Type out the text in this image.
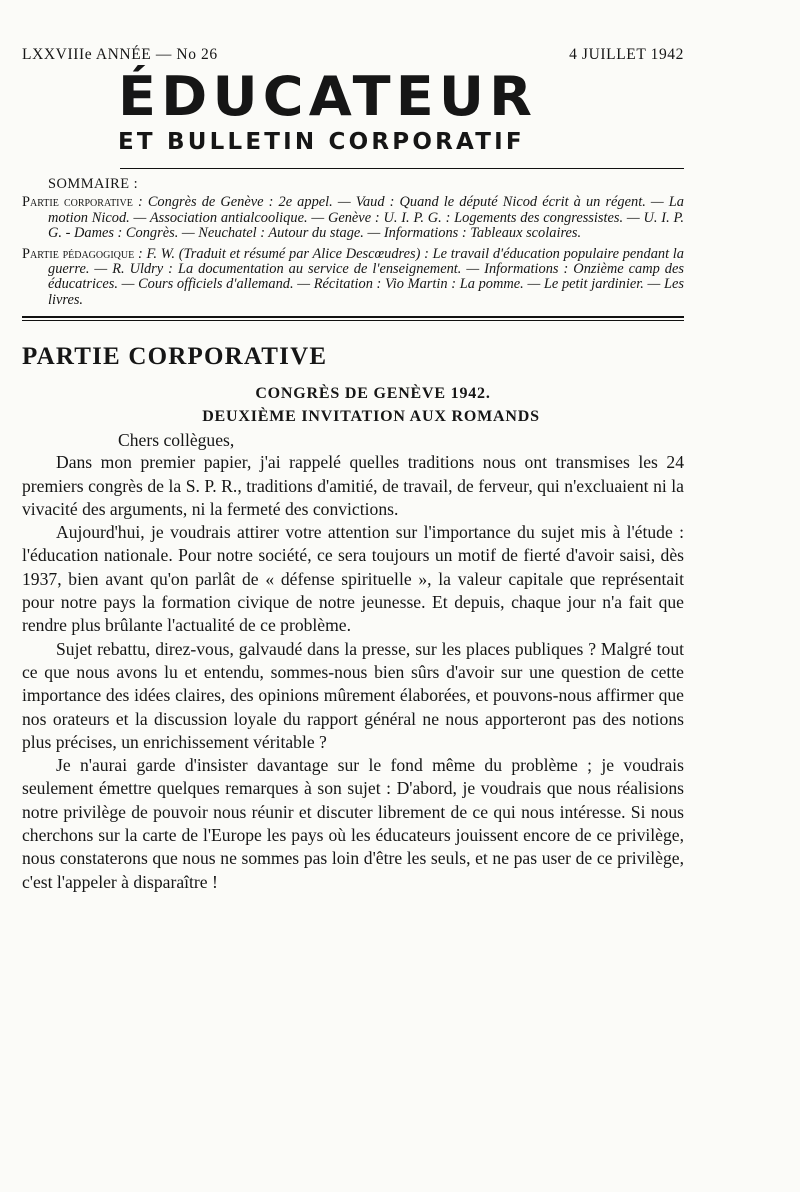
LXXVIIIe ANNÉE — No 26	4 JUILLET 1942
ÉDUCATEUR
ET BULLETIN CORPORATIF
SOMMAIRE :
Partie corporative : Congrès de Genève : 2e appel. — Vaud : Quand le député Nicod écrit à un régent. — La motion Nicod. — Association antialcoolique. — Genève : U. I. P. G. : Logements des congressistes. — U. I. P. G. - Dames : Congrès. — Neuchatel : Autour du stage. — Informations : Tableaux scolaires.
Partie pédagogique : F. W. (Traduit et résumé par Alice Descœudres) : Le travail d'éducation populaire pendant la guerre. — R. Uldry : La documentation au service de l'enseignement. — Informations : Onzième camp des éducatrices. — Cours officiels d'allemand. — Récitation : Vio Martin : La pomme. — Le petit jardinier. — Les livres.
PARTIE CORPORATIVE
CONGRÈS DE GENÈVE 1942.
DEUXIÈME INVITATION AUX ROMANDS
Chers collègues,

Dans mon premier papier, j'ai rappelé quelles traditions nous ont transmises les 24 premiers congrès de la S. P. R., traditions d'amitié, de travail, de ferveur, qui n'excluaient ni la vivacité des arguments, ni la fermeté des convictions.

Aujourd'hui, je voudrais attirer votre attention sur l'importance du sujet mis à l'étude : l'éducation nationale. Pour notre société, ce sera toujours un motif de fierté d'avoir saisi, dès 1937, bien avant qu'on parlât de « défense spirituelle », la valeur capitale que représentait pour notre pays la formation civique de notre jeunesse. Et depuis, chaque jour n'a fait que rendre plus brûlante l'actualité de ce problème.

Sujet rebattu, direz-vous, galvaudé dans la presse, sur les places publiques ? Malgré tout ce que nous avons lu et entendu, sommes-nous bien sûrs d'avoir sur une question de cette importance des idées claires, des opinions mûrement élaborées, et pouvons-nous affirmer que nos orateurs et la discussion loyale du rapport général ne nous apporteront pas des notions plus précises, un enrichissement véritable ?

Je n'aurai garde d'insister davantage sur le fond même du problème ; je voudrais seulement émettre quelques remarques à son sujet : D'abord, je voudrais que nous réalisions notre privilège de pouvoir nous réunir et discuter librement de ce qui nous intéresse. Si nous cherchons sur la carte de l'Europe les pays où les éducateurs jouissent encore de ce privilège, nous constaterons que nous ne sommes pas loin d'être les seuls, et ne pas user de ce privilège, c'est l'appeler à disparaître !
